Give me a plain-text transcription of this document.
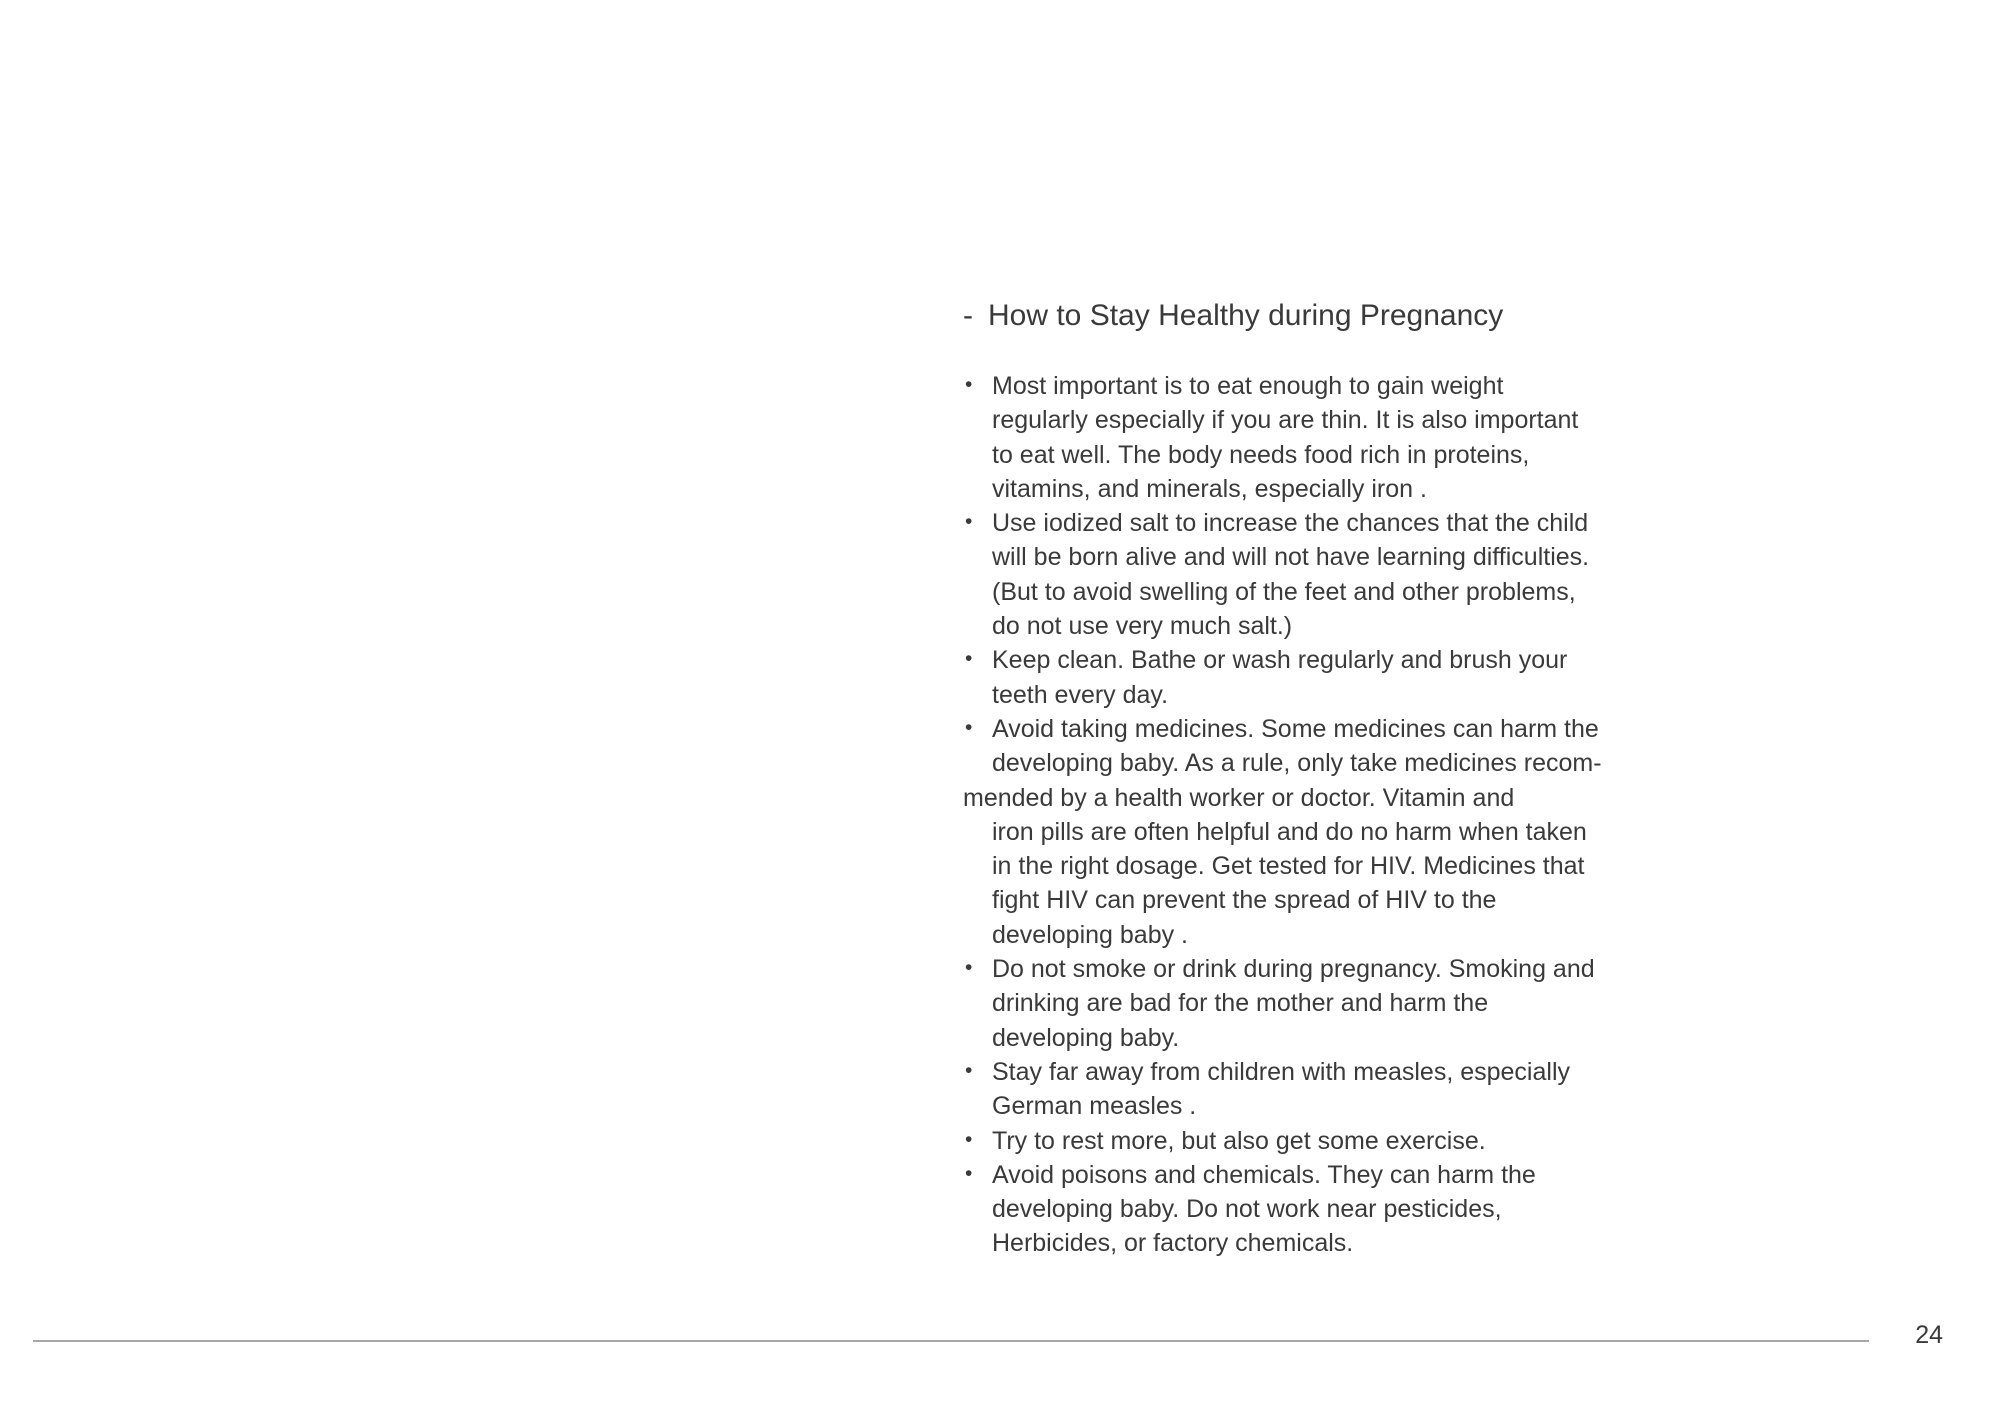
- How to Stay Healthy during Pregnancy
• Most important is to eat enough to gain weight
regularly especially if you are thin. It is also important
to eat well. The body needs food rich in proteins,
vitamins, and minerals, especially iron .
• Use iodized salt to increase the chances that the child
will be born alive and will not have learning difficulties.
(But to avoid swelling of the feet and other problems,
do not use very much salt.)
• Keep clean. Bathe or wash regularly and brush your
teeth every day.
• Avoid taking medicines. Some medicines can harm the
developing baby. As a rule, only take medicines recom-
mended by a health worker or doctor. Vitamin and
iron pills are often helpful and do no harm when taken
in the right dosage. Get tested for HIV. Medicines that
fight HIV can prevent the spread of HIV to the
developing baby .
• Do not smoke or drink during pregnancy. Smoking and
drinking are bad for the mother and harm the
developing baby.
• Stay far away from children with measles, especially
German measles .
• Try to rest more, but also get some exercise.
• Avoid poisons and chemicals. They can harm the
developing baby. Do not work near pesticides,
Herbicides, or factory chemicals.
24
